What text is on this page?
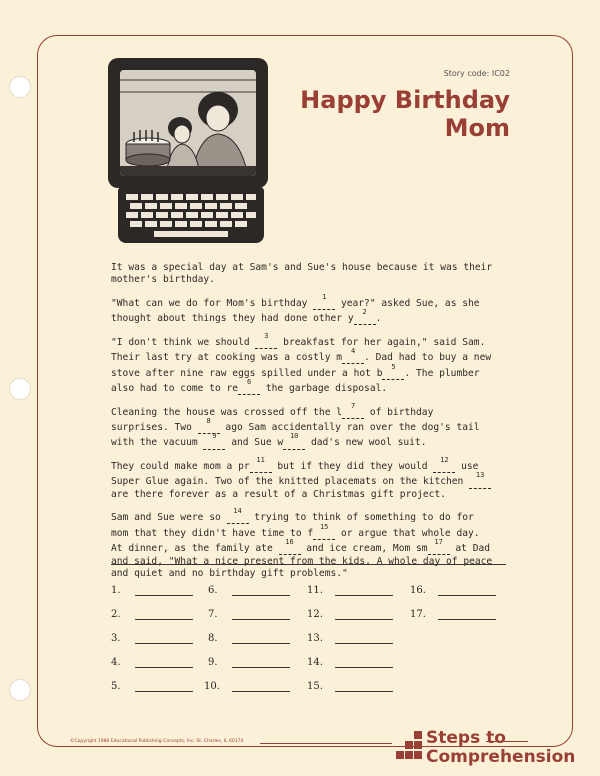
Story code: IC02
Happy Birthday
Mom

It was a special day at Sam's and Sue's house because it was their mother's birthday.

"What can we do for Mom's birthday $^1$ year?" asked Sue, as she thought about things they had done other $y^2$.

"I don't think we should $^3$ breakfast for her again," said Sam. Their last try at cooking was a costly $m^4$. Dad had to buy a new stove after nine raw eggs spilled under a hot $b^5$. The plumber also had to come to $re^6$ the garbage disposal.

Cleaning the house was crossed off the $l^7$ of birthday surprises. Two $^8$ ago Sam accidentally ran over the dog's tail with the vacuum $^9$ and Sue $w^{10}$ dad's new wool suit.

They could make mom a $pr^{11}$ but if they did they would $^{12}$ use Super Glue again. Two of the knitted placemats on the kitchen $^{13}$ are there forever as a result of a Christmas gift project.

Sam and Sue were so $^{14}$ trying to think of something to do for mom that they didn't have time to $f^{15}$ or argue that whole day. At dinner, as the family ate $^{16}$ and ice cream, Mom $sm^{17}$ at Dad and said, "What a nice present from the kids. A whole day of peace and quiet and no birthday gift problems."

1.
2.
3.
4.
5.
6.
7.
8.
9.
10.
11.
12.
13.
14.
15.
16.
17.
©Copyright 1986 Educational Publishing Concepts, Inc. St. Charles, IL 60174	Steps to
Comprehension
